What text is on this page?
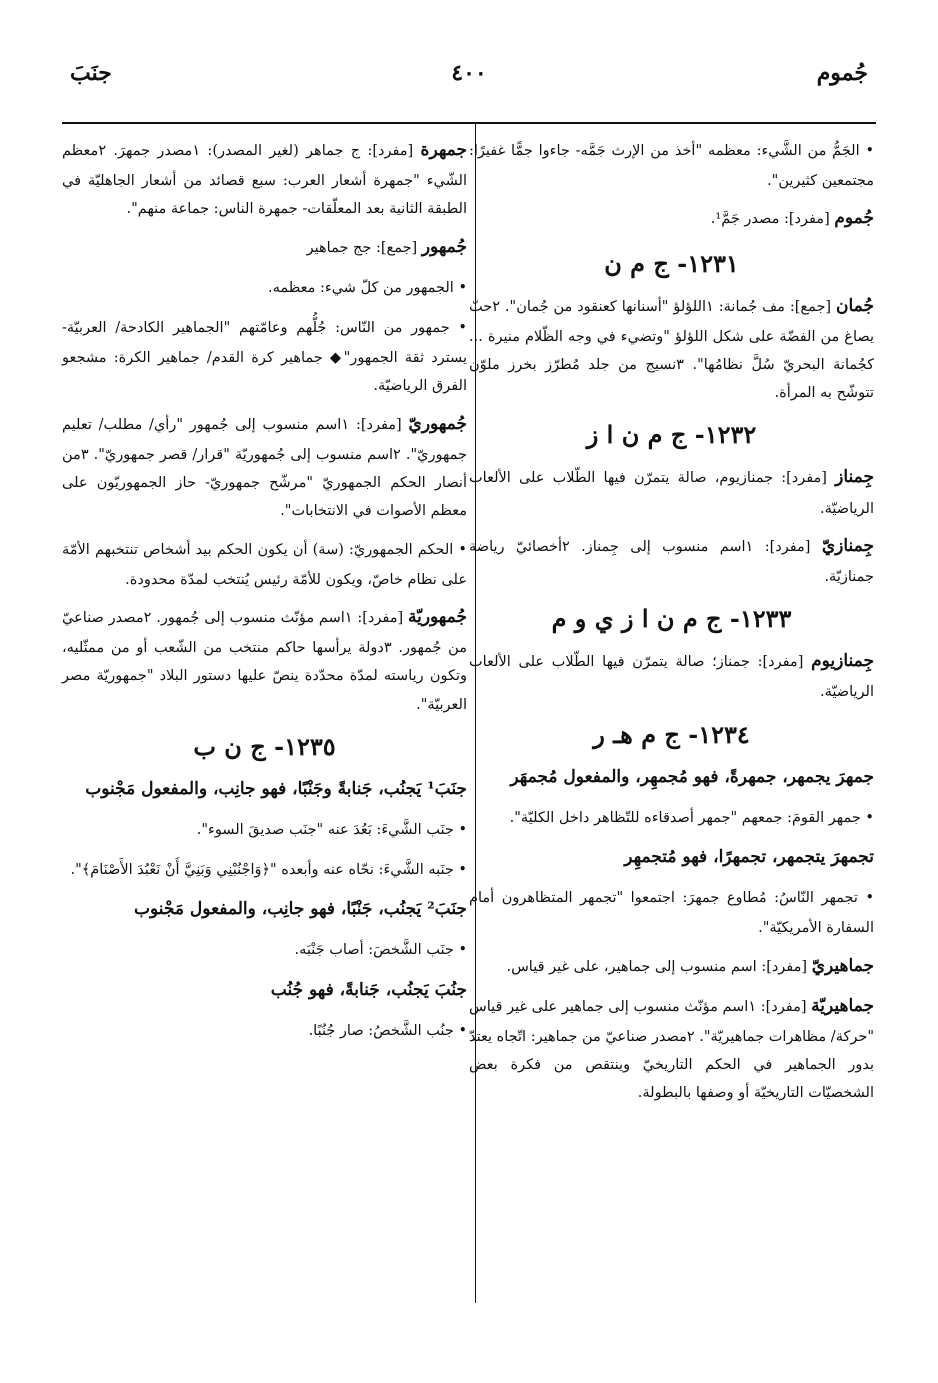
جُموم
٤٠٠
جنَبَ
• الجَمُّ من الشَّيء: معظمه "أخذ من الإرث جَمَّه- جاءوا جمًّا غفيرًا: مجتمعين كثيرين".
جُموم [مفرد]: مصدر جَمَّ¹.
١٢٣١- ج م ن
جُمان [جمع]: مف جُمانة: ١اللؤلؤ "أسنانها كعنقود من جُمان". ٢حبّ يصاغ من الفضّة على شكل اللؤلؤ "وتضيء في وجه الظّلام منيرة ... كجُمانة البحريّ سُلَّ نظامُها". ٣نسيج من جلد مُطرّز بخرز ملوّن تتوشّح به المرأة.
١٢٣٢- ج م ن ا ز
جِمناز [مفرد]: جمنازيوم، صالة يتمرّن فيها الطّلاب على الألعاب الرياضيّة.
جِمنازيّ [مفرد]: ١اسم منسوب إلى جِمناز. ٢أخصائيّ رياضة جمنازيّة.
١٢٣٣- ج م ن ا ز ي و م
جِمنازيوم [مفرد]: جمناز؛ صالة يتمرّن فيها الطّلاب على الألعاب الرياضيّة.
١٢٣٤- ج م هـ ر
جمهرَ يجمهر، جمهرةً، فهو مُجمهِر، والمفعول مُجمهَر
• جمهر القومَ: جمعهم "جمهر أصدقاءه للتّظاهر داخل الكليّة".
تجمهرَ يتجمهر، تجمهرًا، فهو مُتجمهِر
• تجمهر النّاسُ: مُطاوع جمهرَ: اجتمعوا "تجمهر المتظاهرون أمام السفارة الأمريكيّة".
جماهيريّ [مفرد]: اسم منسوب إلى جماهير، على غير قياس.
جماهيريّة [مفرد]: ١اسم مؤنّث منسوب إلى جماهير على غير قياس "حركة/ مظاهرات جماهيريّة". ٢مصدر صناعيّ من جماهير: اتّجاه يعتدّ بدور الجماهير في الحكم التاريخيّ وينتقص من فكرة بعض الشخصيّات التاريخيّة أو وصفها بالبطولة.
جمهرة [مفرد]: ج جماهر (لغير المصدر): ١مصدر جمهرَ. ٢معظم الشّيء "جمهرة أشعار العرب: سبع قصائد من أشعار الجاهليّة في الطبقة الثانية بعد المعلّقات- جمهرة الناس: جماعة منهم".
جُمهور [جمع]: جج جماهير
• الجمهور من كلّ شيء: معظمه.
• جمهور من النّاس: جُلُّهم وعامّتهم "الجماهير الكادحة/ العربيّة- يسترد ثقة الجمهور"◆ جماهير كرة القدم/ جماهير الكرة: مشجعو الفرق الرياضيّة.
جُمهوريّ [مفرد]: ١اسم منسوب إلى جُمهور "رأي/ مطلب/ تعليم جمهوريّ". ٢اسم منسوب إلى جُمهوريّة "قرار/ قصر جمهوريّ". ٣من أنصار الحكم الجمهوريّ "مرشّح جمهوريّ- حاز الجمهوريّون على معظم الأصوات في الانتخابات".
• الحكم الجمهوريّ: (سة) أن يكون الحكم بيد أشخاص تنتخبهم الأمّة على نظام خاصّ، ويكون للأمّة رئيس يُنتخب لمدّة محدودة.
جُمهوريّة [مفرد]: ١اسم مؤنّث منسوب إلى جُمهور. ٢مصدر صناعيّ من جُمهور. ٣دولة يرأسها حاكم منتخب من الشّعب أو من ممثّليه، وتكون رياسته لمدّة محدّدة ينصّ عليها دستور البلاد "جمهوريّة مصر العربيّة".
١٢٣٥- ج ن ب
جنَبَ¹ يَجنُب، جَنابةً وجَنْبًا، فهو جانِب، والمفعول مَجْنوب
• جنَب الشَّيءَ: بَعُدَ عنه "جنَب صديقَ السوء".
• جنَبه الشَّيءَ: نحّاه عنه وأبعده "﴿وَاجْنُبْنِي وَبَنِيَّ أَنْ نَعْبُدَ الأَصْنَامَ﴾".
جنَبَ² يَجنُب، جَنْبًا، فهو جانِب، والمفعول مَجْنوب
• جنَب الشَّخصَ: أصاب جَنْبَه.
جنُبَ يَجنُب، جَنابةً، فهو جُنُب
• جنُب الشَّخصُ: صار جُنُبًا.
